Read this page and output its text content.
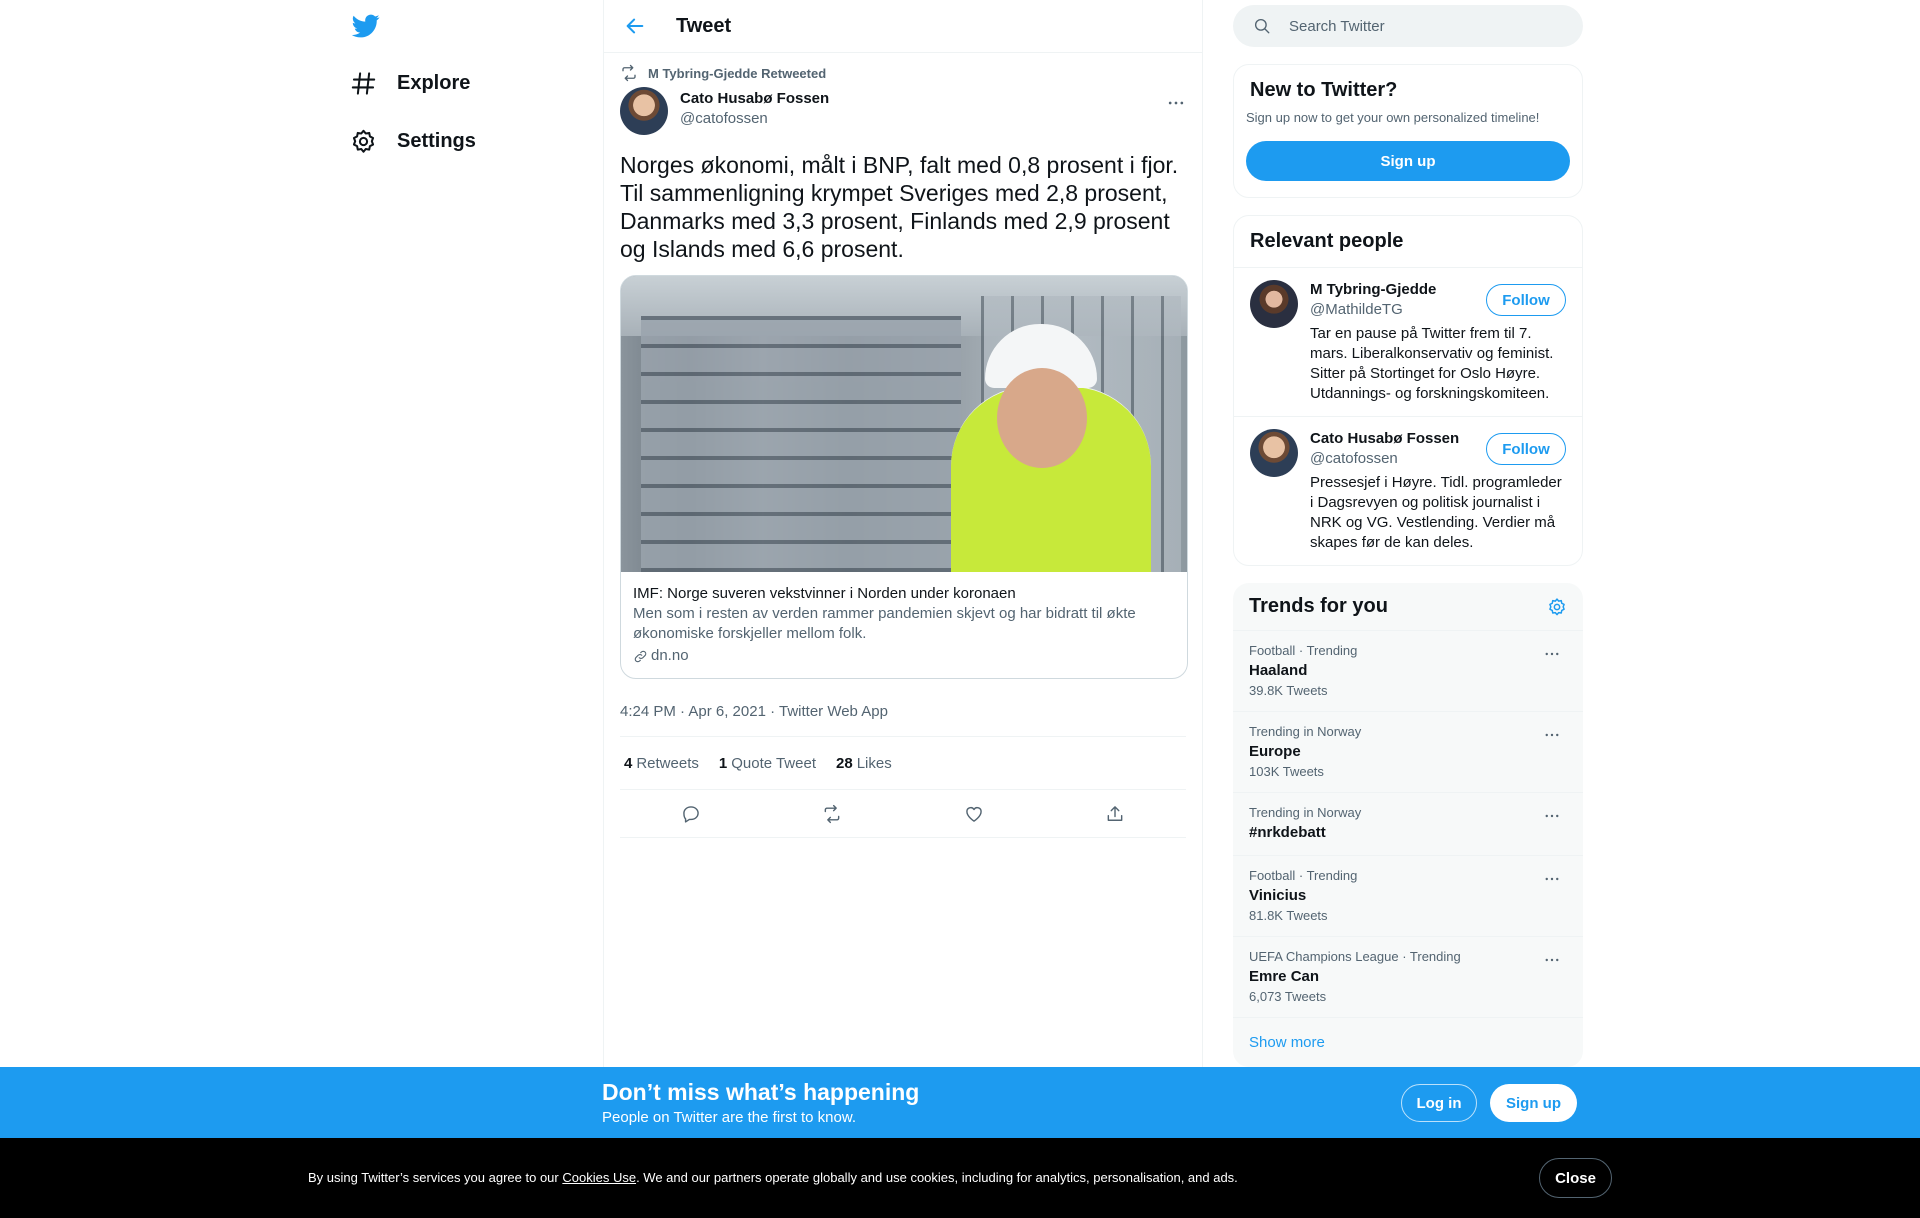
Explore
Settings
Tweet
M Tybring-Gjedde Retweeted
Cato Husabø Fossen
@catofossen
Norges økonomi, målt i BNP, falt med 0,8 prosent i fjor. Til sammenligning krympet Sveriges med 2,8 prosent, Danmarks med 3,3 prosent, Finlands med 2,9 prosent og Islands med 6,6 prosent.
IMF: Norge suveren vekstvinner i Norden under koronaen
Men som i resten av verden rammer pandemien skjevt og har bidratt til økte økonomiske forskjeller mellom folk.
dn.no
4:24 PM · Apr 6, 2021 · Twitter Web App
4 Retweets 1 Quote Tweet 28 Likes
Search Twitter
New to Twitter?
Sign up now to get your own personalized timeline!
Sign up
Relevant people
M Tybring-Gjedde
@MathildeTG
Tar en pause på Twitter frem til 7. mars. Liberalkonservativ og feminist. Sitter på Stortinget for Oslo Høyre. Utdannings- og forskningskomiteen.
Follow
Cato Husabø Fossen
@catofossen
Pressesjef i Høyre. Tidl. programleder i Dagsrevyen og politisk journalist i NRK og VG. Vestlending. Verdier må skapes før de kan deles.
Follow
Trends for you
Football · Trending
Haaland
39.8K Tweets
Trending in Norway
Europe
103K Tweets
Trending in Norway
#nrkdebatt
Football · Trending
Vinicius
81.8K Tweets
UEFA Champions League · Trending
Emre Can
6,073 Tweets
Show more
Don’t miss what’s happening
People on Twitter are the first to know.
Log in	Sign up
By using Twitter’s services you agree to our Cookies Use. We and our partners operate globally and use cookies, including for analytics, personalisation, and ads.	Close
